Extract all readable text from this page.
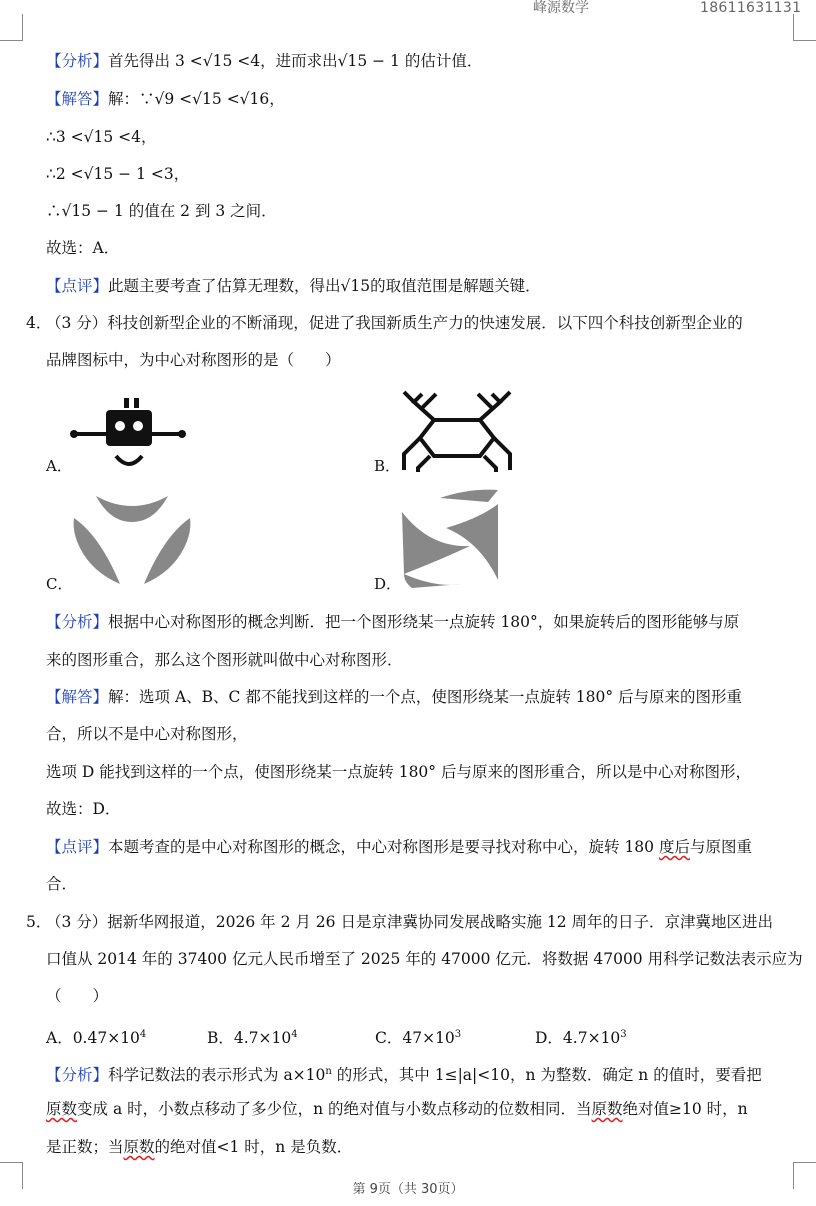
峰源数学	18611631131
【分析】首先得出 3 <√15 <4，进而求出√15 − 1 的估计值．
【解答】解：∵√9 <√15 <√16，
∴3 <√15 <4，
∴2 <√15 − 1 <3，
∴√15 − 1 的值在 2 到 3 之间．
故选：A．
【点评】此题主要考查了估算无理数，得出√15的取值范围是解题关键．
4．
（3 分）科技创新型企业的不断涌现，促进了我国新质生产力的快速发展．以下四个科技创新型企业的
品牌图标中，为中心对称图形的是（　　）
A．	B．
C．	D．
【分析】根据中心对称图形的概念判断．把一个图形绕某一点旋转 180°，如果旋转后的图形能够与原
来的图形重合，那么这个图形就叫做中心对称图形．
【解答】解：选项 A、B、C 都不能找到这样的一个点，使图形绕某一点旋转 180° 后与原来的图形重
合，所以不是中心对称图形，
选项 D 能找到这样的一个点，使图形绕某一点旋转 180° 后与原来的图形重合，所以是中心对称图形，
故选：D．
【点评】本题考查的是中心对称图形的概念，中心对称图形是要寻找对称中心，旋转 180 度后与原图重
合．
5．
（3 分）据新华网报道，2026 年 2 月 26 日是京津冀协同发展战略实施 12 周年的日子．京津冀地区进出
口值从 2014 年的 37400 亿元人民币增至了 2025 年的 47000 亿元．将数据 47000 用科学记数法表示应为
（　　）
A．$0.47\times 10^4$	B．$4.7\times 10^4$	C．$47\times 10^3$	D．$4.7\times 10^3$
【分析】科学记数法的表示形式为 $a\times 10^n$ 的形式，其中 1≤|a|<10，n 为整数．确定 n 的值时，要看把
原数变成 a 时，小数点移动了多少位，n 的绝对值与小数点移动的位数相同．当原数绝对值≥10 时，n
是正数；当原数的绝对值<1 时，n 是负数．
第 9页（共 30页）
